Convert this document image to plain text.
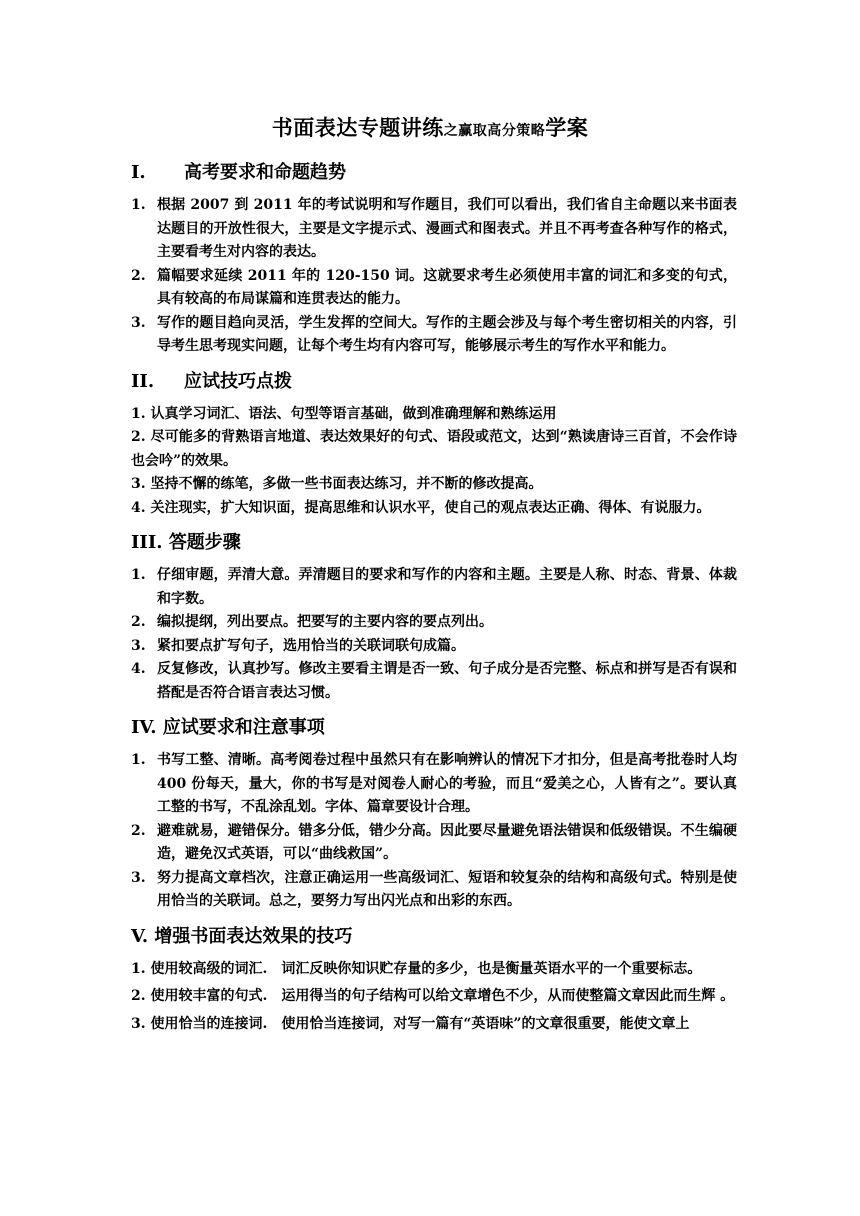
书面表达专题讲练之赢取高分策略学案
I. 高考要求和命题趋势
1. 根据 2007 到 2011 年的考试说明和写作题目，我们可以看出，我们省自主命题以来书面表达题目的开放性很大，主要是文字提示式、漫画式和图表式。并且不再考查各种写作的格式，主要看考生对内容的表达。
2. 篇幅要求延续 2011 年的 120-150 词。这就要求考生必须使用丰富的词汇和多变的句式，具有较高的布局谋篇和连贯表达的能力。
3. 写作的题目趋向灵活，学生发挥的空间大。写作的主题会涉及与每个考生密切相关的内容，引导考生思考现实问题，让每个考生均有内容可写，能够展示考生的写作水平和能力。
II. 应试技巧点拨
1. 认真学习词汇、语法、句型等语言基础，做到准确理解和熟练运用
2. 尽可能多的背熟语言地道、表达效果好的句式、语段或范文，达到“熟读唐诗三百首，不会作诗也会吟”的效果。
3. 坚持不懈的练笔，多做一些书面表达练习，并不断的修改提高。
4. 关注现实，扩大知识面，提高思维和认识水平，使自己的观点表达正确、得体、有说服力。
III. 答题步骤
1. 仔细审题，弄清大意。弄清题目的要求和写作的内容和主题。主要是人称、时态、背景、体裁和字数。
2. 编拟提纲，列出要点。把要写的主要内容的要点列出。
3. 紧扣要点扩写句子，选用恰当的关联词联句成篇。
4. 反复修改，认真抄写。修改主要看主谓是否一致、句子成分是否完整、标点和拼写是否有误和搭配是否符合语言表达习惯。
IV. 应试要求和注意事项
1. 书写工整、清晰。高考阅卷过程中虽然只有在影响辨认的情况下才扣分，但是高考批卷时人均 400 份每天，量大，你的书写是对阅卷人耐心的考验，而且“爱美之心，人皆有之”。要认真工整的书写，不乱涂乱划。字体、篇章要设计合理。
2. 避难就易，避错保分。错多分低，错少分高。因此要尽量避免语法错误和低级错误。不生编硬造，避免汉式英语，可以“曲线救国”。
3. 努力提高文章档次，注意正确运用一些高级词汇、短语和较复杂的结构和高级句式。特别是使用恰当的关联词。总之，要努力写出闪光点和出彩的东西。
V. 增强书面表达效果的技巧
1. 使用较高级的词汇. 词汇反映你知识贮存量的多少，也是衡量英语水平的一个重要标志。
2. 使用较丰富的句式. 运用得当的句子结构可以给文章增色不少，从而使整篇文章因此而生辉 。
3. 使用恰当的连接词. 使用恰当连接词，对写一篇有“英语味”的文章很重要，能使文章上
